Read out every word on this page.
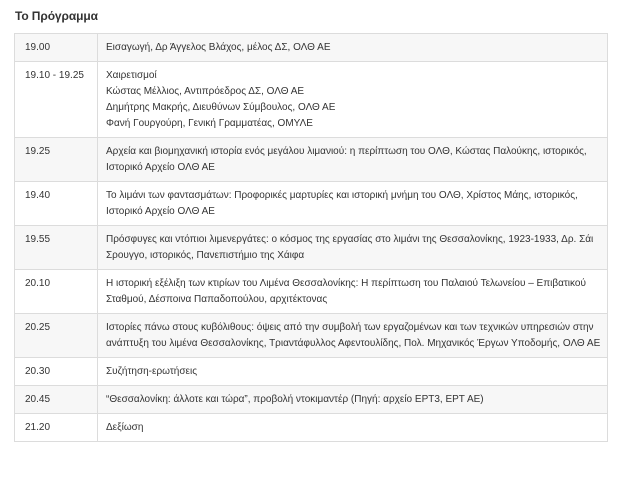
Το Πρόγραμμα
19.00	Εισαγωγή, Δρ Άγγελος Βλάχος, μέλος ΔΣ, ΟΛΘ ΑΕ

19.10 - 19.25	Χαιρετισμοί
Κώστας Μέλλιος, Αντιπρόεδρος ΔΣ, ΟΛΘ ΑΕ
Δημήτρης Μακρής, Διευθύνων Σύμβουλος, ΟΛΘ ΑΕ
Φανή Γουργούρη, Γενική Γραμματέας, ΟΜΥΛΕ

19.25	Αρχεία και βιομηχανική ιστορία ενός μεγάλου λιμανιού: η περίπτωση του ΟΛΘ, Κώστας Παλούκης, ιστορικός,
Ιστορικό Αρχείο ΟΛΘ ΑΕ

19.40	Το λιμάνι των φαντασμάτων: Προφορικές μαρτυρίες και ιστορική μνήμη του ΟΛΘ, Χρίστος Μάης, ιστορικός,
Ιστορικό Αρχείο ΟΛΘ ΑΕ

19.55	Πρόσφυγες και ντόπιοι λιμενεργάτες: ο κόσμος της εργασίας στο λιμάνι της Θεσσαλονίκης, 1923-1933, Δρ. Σάι
Σρουγγο, ιστορικός, Πανεπιστήμιο της Χάιφα

20.10	Η ιστορική εξέλιξη των κτιρίων του Λιμένα Θεσσαλονίκης: Η περίπτωση του Παλαιού Τελωνείου – Επιβατικού
Σταθμού, Δέσποινα Παπαδοπούλου, αρχιτέκτονας

20.25	Ιστορίες πάνω στους κυβόλιθους: όψεις από την συμβολή των εργαζομένων και των τεχνικών υπηρεσιών στην
ανάπτυξη του λιμένα Θεσσαλονίκης, Τριαντάφυλλος Αφεντουλίδης, Πολ. Μηχανικός Έργων Υποδομής, ΟΛΘ ΑΕ

20.30	Συζήτηση-ερωτήσεις

20.45	“Θεσσαλονίκη: άλλοτε και τώρα”, προβολή ντοκιμαντέρ (Πηγή: αρχείο ΕΡΤ3, ΕΡΤ ΑΕ)

21.20	Δεξίωση
